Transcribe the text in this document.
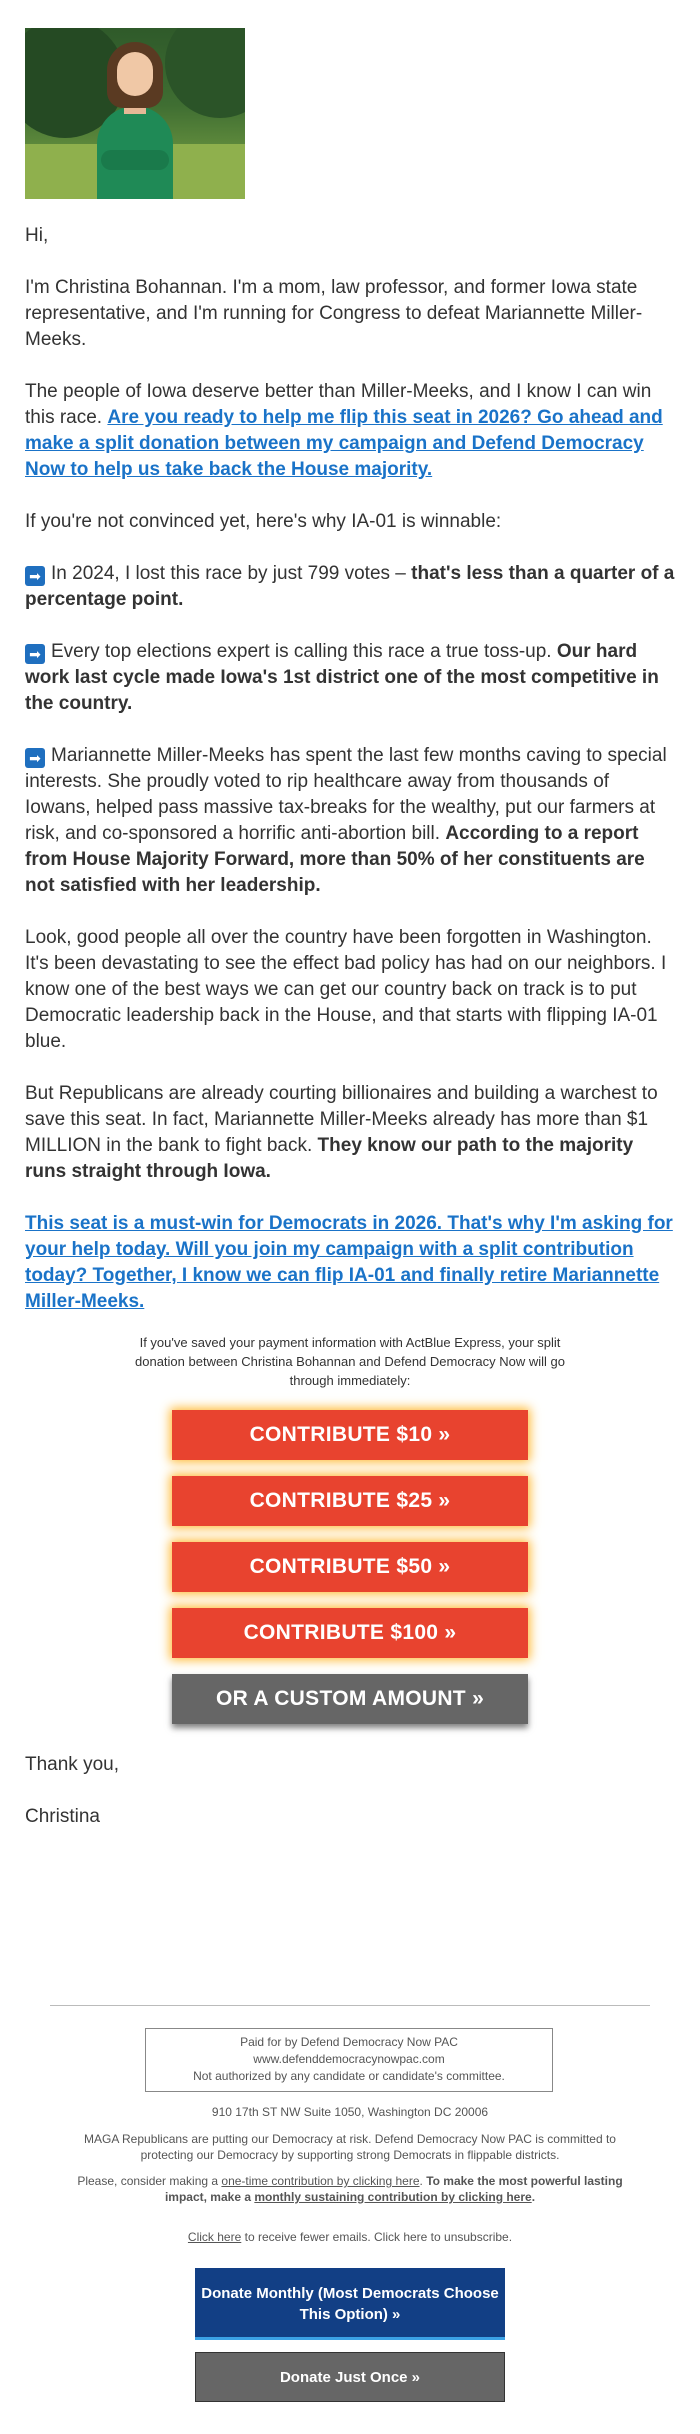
Hi,

I'm Christina Bohannan. I'm a mom, law professor, and former Iowa state representative, and I'm running for Congress to defeat Mariannette Miller-Meeks.

The people of Iowa deserve better than Miller-Meeks, and I know I can win this race. Are you ready to help me flip this seat in 2026? Go ahead and make a split donation between my campaign and Defend Democracy Now to help us take back the House majority.

If you're not convinced yet, here's why IA-01 is winnable:

➡ In 2024, I lost this race by just 799 votes – that's less than a quarter of a percentage point.

➡ Every top elections expert is calling this race a true toss-up. Our hard work last cycle made Iowa's 1st district one of the most competitive in the country.

➡ Mariannette Miller-Meeks has spent the last few months caving to special interests. She proudly voted to rip healthcare away from thousands of Iowans, helped pass massive tax-breaks for the wealthy, put our farmers at risk, and co-sponsored a horrific anti-abortion bill. According to a report from House Majority Forward, more than 50% of her constituents are not satisfied with her leadership.

Look, good people all over the country have been forgotten in Washington. It's been devastating to see the effect bad policy has had on our neighbors. I know one of the best ways we can get our country back on track is to put Democratic leadership back in the House, and that starts with flipping IA-01 blue.

But Republicans are already courting billionaires and building a warchest to save this seat. In fact, Mariannette Miller-Meeks already has more than $1 MILLION in the bank to fight back. They know our path to the majority runs straight through Iowa.

This seat is a must-win for Democrats in 2026. That's why I'm asking for your help today. Will you join my campaign with a split contribution today? Together, I know we can flip IA-01 and finally retire Mariannette Miller-Meeks.

If you've saved your payment information with ActBlue Express, your split donation between Christina Bohannan and Defend Democracy Now will go through immediately:
CONTRIBUTE $10 »
CONTRIBUTE $25 »
CONTRIBUTE $50 »
CONTRIBUTE $100 »
OR A CUSTOM AMOUNT »

Thank you,

Christina

Paid for by Defend Democracy Now PAC
www.defenddemocracynowpac.com
Not authorized by any candidate or candidate's committee.
910 17th ST NW Suite 1050, Washington DC 20006
MAGA Republicans are putting our Democracy at risk. Defend Democracy Now PAC is committed to protecting our Democracy by supporting strong Democrats in flippable districts.
Please, consider making a one-time contribution by clicking here. To make the most powerful lasting impact, make a monthly sustaining contribution by clicking here.
Click here to receive fewer emails. Click here to unsubscribe.
Donate Monthly (Most Democrats Choose This Option) »
Donate Just Once »
